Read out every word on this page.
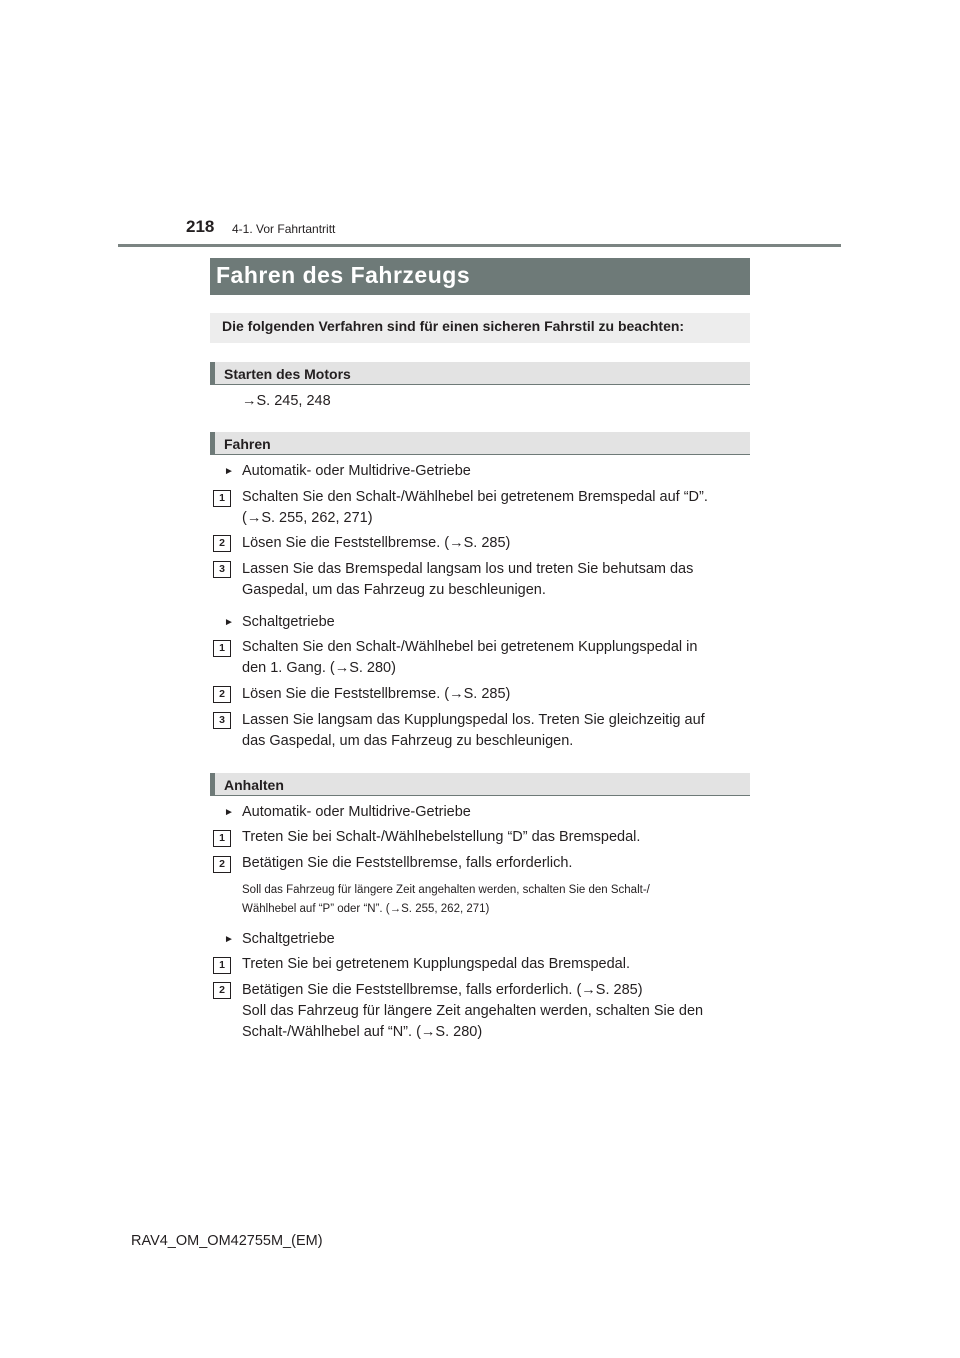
218 4-1. Vor Fahrtantritt
Fahren des Fahrzeugs
Die folgenden Verfahren sind für einen sicheren Fahrstil zu beachten:
Starten des Motors
→S. 245, 248
Fahren
► Automatik- oder Multidrive-Getriebe
1	Schalten Sie den Schalt-/Wählhebel bei getretenem Bremspedal auf “D”.
(→S. 255, 262, 271)
2	Lösen Sie die Feststellbremse. (→S. 285)
3	Lassen Sie das Bremspedal langsam los und treten Sie behutsam das
Gaspedal, um das Fahrzeug zu beschleunigen.
► Schaltgetriebe
1	Schalten Sie den Schalt-/Wählhebel bei getretenem Kupplungspedal in
den 1. Gang. (→S. 280)
2	Lösen Sie die Feststellbremse. (→S. 285)
3	Lassen Sie langsam das Kupplungspedal los. Treten Sie gleichzeitig auf
das Gaspedal, um das Fahrzeug zu beschleunigen.
Anhalten
► Automatik- oder Multidrive-Getriebe
1	Treten Sie bei Schalt-/Wählhebelstellung “D” das Bremspedal.
2	Betätigen Sie die Feststellbremse, falls erforderlich.
Soll das Fahrzeug für längere Zeit angehalten werden, schalten Sie den Schalt-/
Wählhebel auf “P” oder “N”. (→S. 255, 262, 271)
► Schaltgetriebe
1	Treten Sie bei getretenem Kupplungspedal das Bremspedal.
2	Betätigen Sie die Feststellbremse, falls erforderlich. (→S. 285)
Soll das Fahrzeug für längere Zeit angehalten werden, schalten Sie den
Schalt-/Wählhebel auf “N”. (→S. 280)
RAV4_OM_OM42755M_(EM)
